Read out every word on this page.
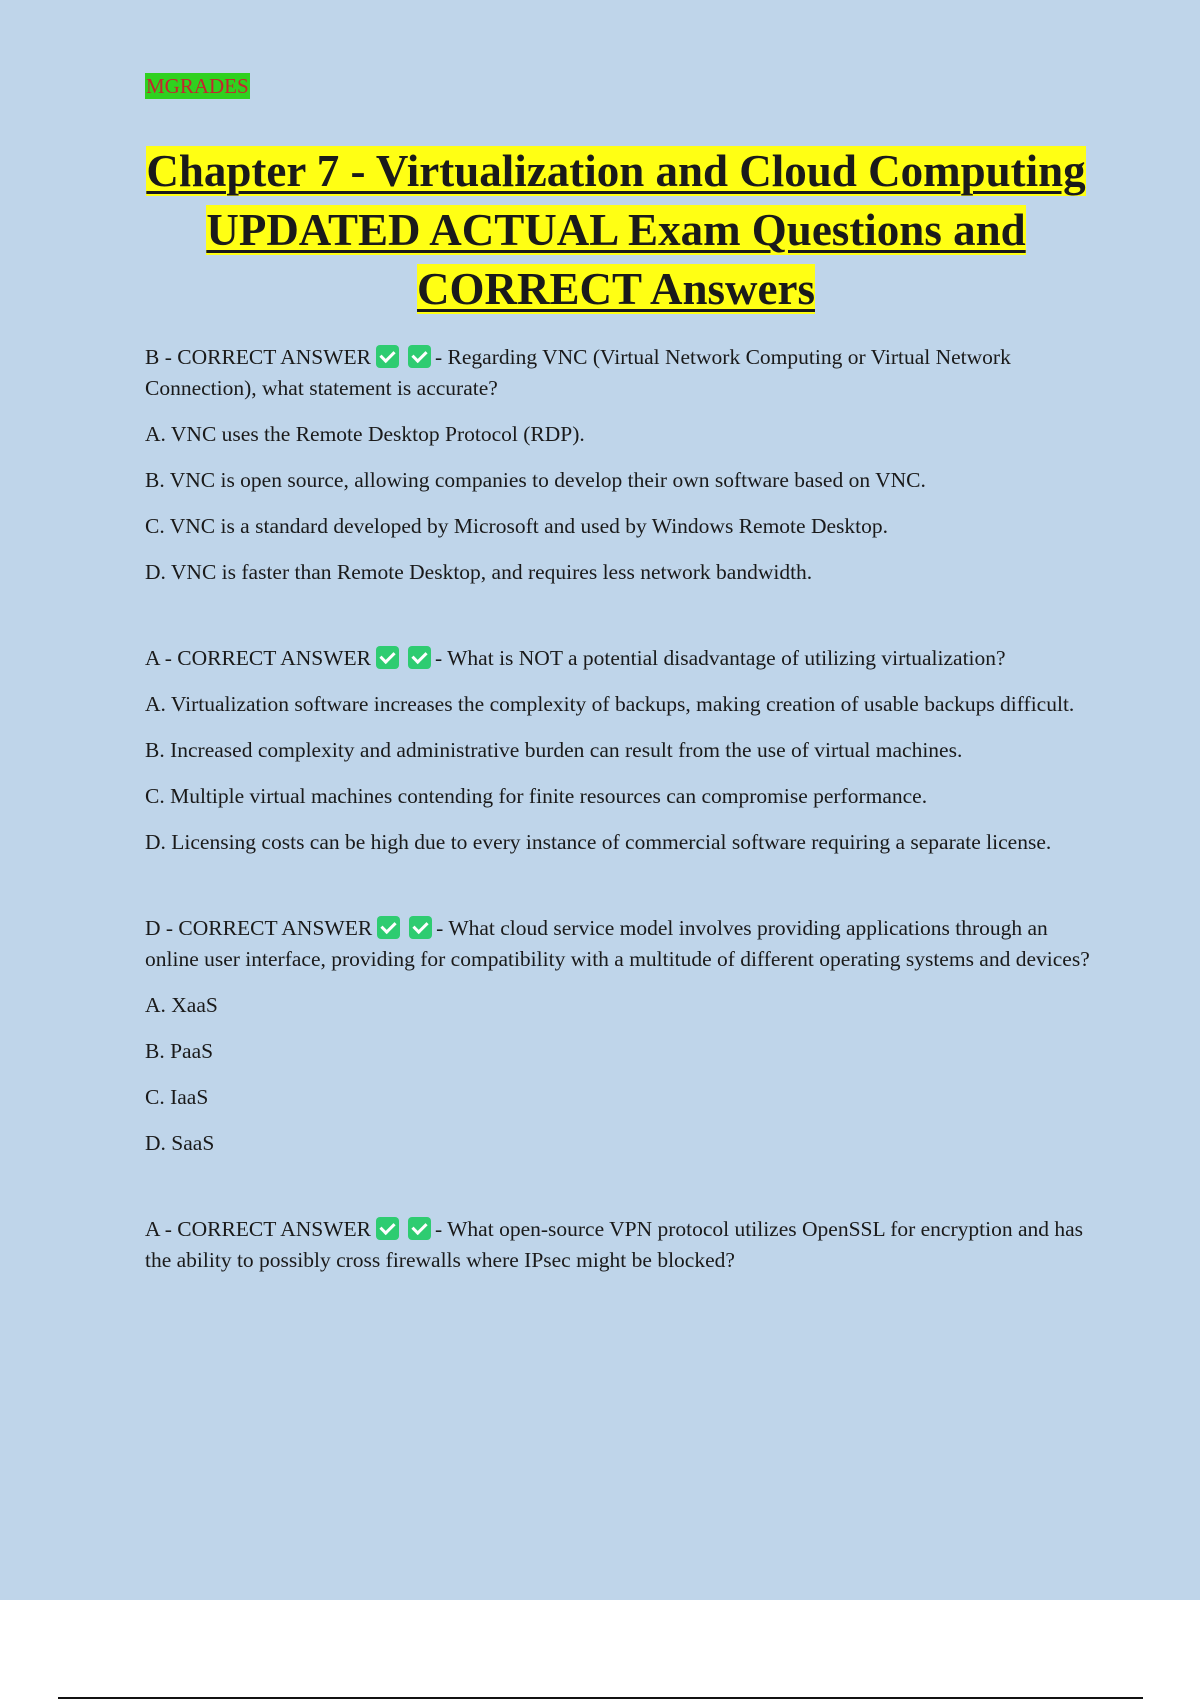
MGRADES
Chapter 7 - Virtualization and Cloud Computing UPDATED ACTUAL Exam Questions and CORRECT Answers

B - CORRECT ANSWER	- Regarding VNC (Virtual Network Computing or Virtual Network Connection), what statement is accurate?

A. VNC uses the Remote Desktop Protocol (RDP).

B. VNC is open source, allowing companies to develop their own software based on VNC.

C. VNC is a standard developed by Microsoft and used by Windows Remote Desktop.

D. VNC is faster than Remote Desktop, and requires less network bandwidth.

A - CORRECT ANSWER	- What is NOT a potential disadvantage of utilizing virtualization?

A. Virtualization software increases the complexity of backups, making creation of usable backups difficult.

B. Increased complexity and administrative burden can result from the use of virtual machines.

C. Multiple virtual machines contending for finite resources can compromise performance.

D. Licensing costs can be high due to every instance of commercial software requiring a separate license.

D - CORRECT ANSWER	- What cloud service model involves providing applications through an online user interface, providing for compatibility with a multitude of different operating systems and devices?

A. XaaS

B. PaaS

C. IaaS

D. SaaS

A - CORRECT ANSWER	- What open-source VPN protocol utilizes OpenSSL for encryption and has the ability to possibly cross firewalls where IPsec might be blocked?
